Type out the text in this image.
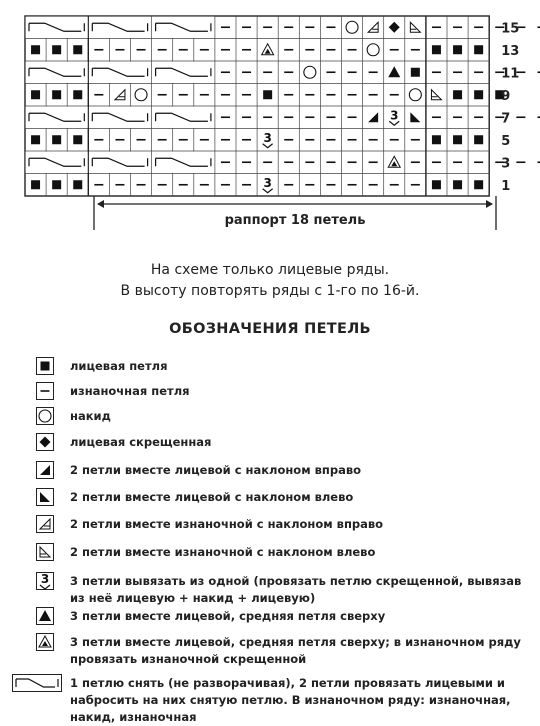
3
3
3
15
13
11
9
7
5
3
1
раппорт 18 петель
На схеме только лицевые ряды.
В высоту повторять ряды с 1-го по 16-й.
ОБОЗНАЧЕНИЯ ПЕТЕЛЬ
лицевая петля
изнаночная петля
накид
лицевая скрещенная
2 петли вместе лицевой с наклоном вправо
2 петли вместе лицевой с наклоном влево
2 петли вместе изнаночной с наклоном вправо
2 петли вместе изнаночной с наклоном влево
3 3 петли вывязать из одной (провязать петлю скрещенной, вывязав из неё лицевую + накид + лицевую)
3 петли вместе лицевой, средняя петля сверху
3 петли вместе лицевой, средняя петля сверху; в изнаночном ряду провязать изнаночной скрещенной
1 петлю снять (не разворачивая), 2 петли провязать лицевыми и набросить на них снятую петлю. В изнаночном ряду: изнаночная, накид, изнаночная
